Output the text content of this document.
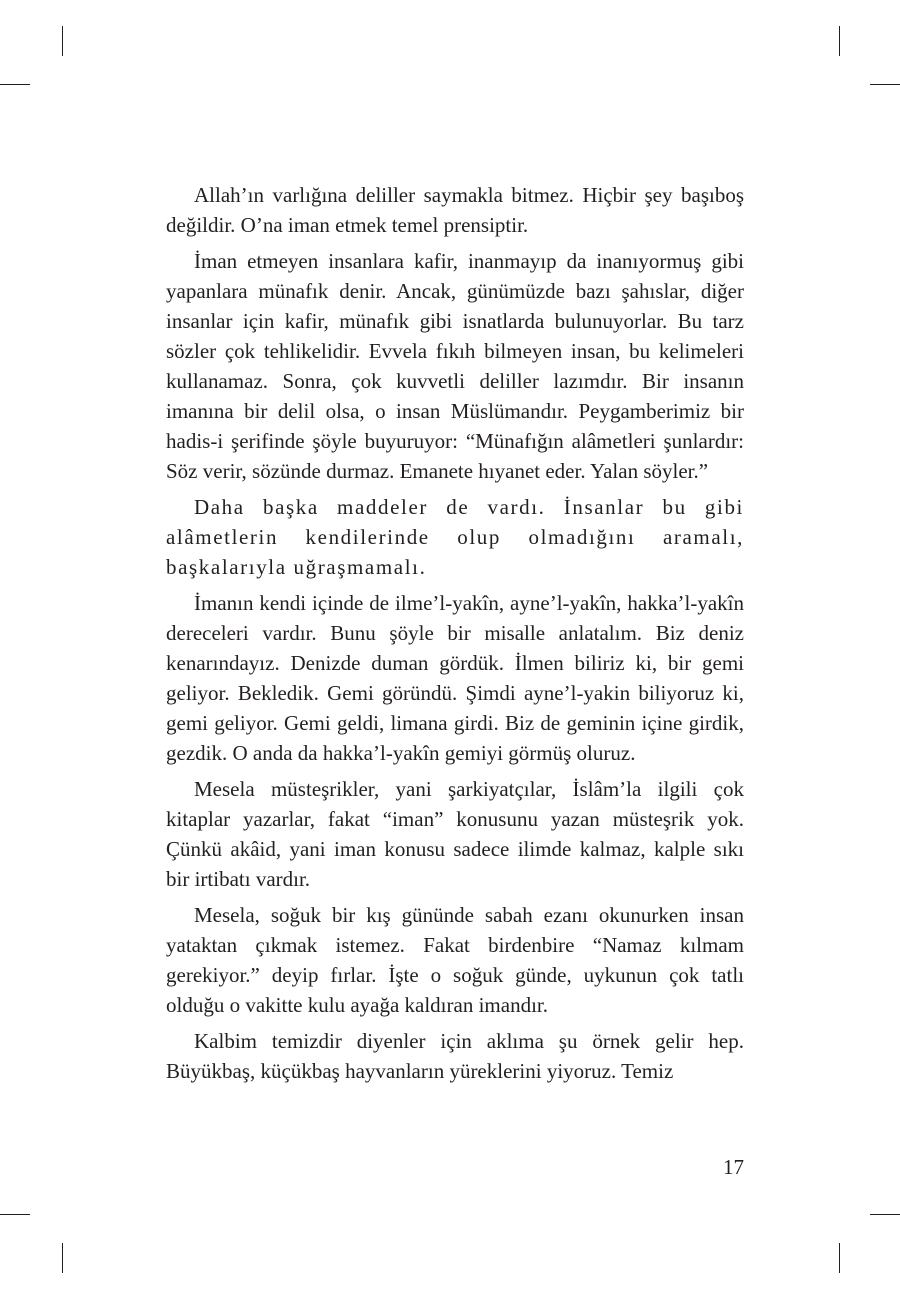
Allah’ın varlığına deliller saymakla bitmez. Hiçbir şey başıboş değildir. O’na iman etmek temel prensiptir.

İman etmeyen insanlara kafir, inanmayıp da inanıyormuş gibi yapanlara münafık denir. Ancak, günümüzde bazı şahıslar, diğer insanlar için kafir, münafık gibi isnatlarda bulunuyorlar. Bu tarz sözler çok tehlikelidir. Evvela fıkıh bilmeyen insan, bu kelimeleri kullanamaz. Sonra, çok kuvvetli deliller lazımdır. Bir insanın imanına bir delil olsa, o insan Müslümandır. Peygamberimiz bir hadis-i şerifinde şöyle buyuruyor: “Münafığın alâmetleri şunlardır: Söz verir, sözünde durmaz. Emanete hıyanet eder. Yalan söyler.”

Daha başka maddeler de vardı. İnsanlar bu gibi alâmetlerin kendilerinde olup olmadığını aramalı, başkalarıyla uğraşmamalı.

İmanın kendi içinde de ilme’l-yakîn, ayne’l-yakîn, hakka’l-yakîn dereceleri vardır. Bunu şöyle bir misalle anlatalım. Biz deniz kenarındayız. Denizde duman gördük. İlmen biliriz ki, bir gemi geliyor. Bekledik. Gemi göründü. Şimdi ayne’l-yakin biliyoruz ki, gemi geliyor. Gemi geldi, limana girdi. Biz de geminin içine girdik, gezdik. O anda da hakka’l-yakîn gemiyi görmüş oluruz.

Mesela müsteşrikler, yani şarkiyatçılar, İslâm’la ilgili çok kitaplar yazarlar, fakat “iman” konusunu yazan müsteşrik yok. Çünkü akâid, yani iman konusu sadece ilimde kalmaz, kalple sıkı bir irtibatı vardır.

Mesela, soğuk bir kış gününde sabah ezanı okunurken insan yataktan çıkmak istemez. Fakat birdenbire “Namaz kılmam gerekiyor.” deyip fırlar. İşte o soğuk günde, uykunun çok tatlı olduğu o vakitte kulu ayağa kaldıran imandır.

Kalbim temizdir diyenler için aklıma şu örnek gelir hep. Büyükbaş, küçükbaş hayvanların yüreklerini yiyoruz. Temiz

17
